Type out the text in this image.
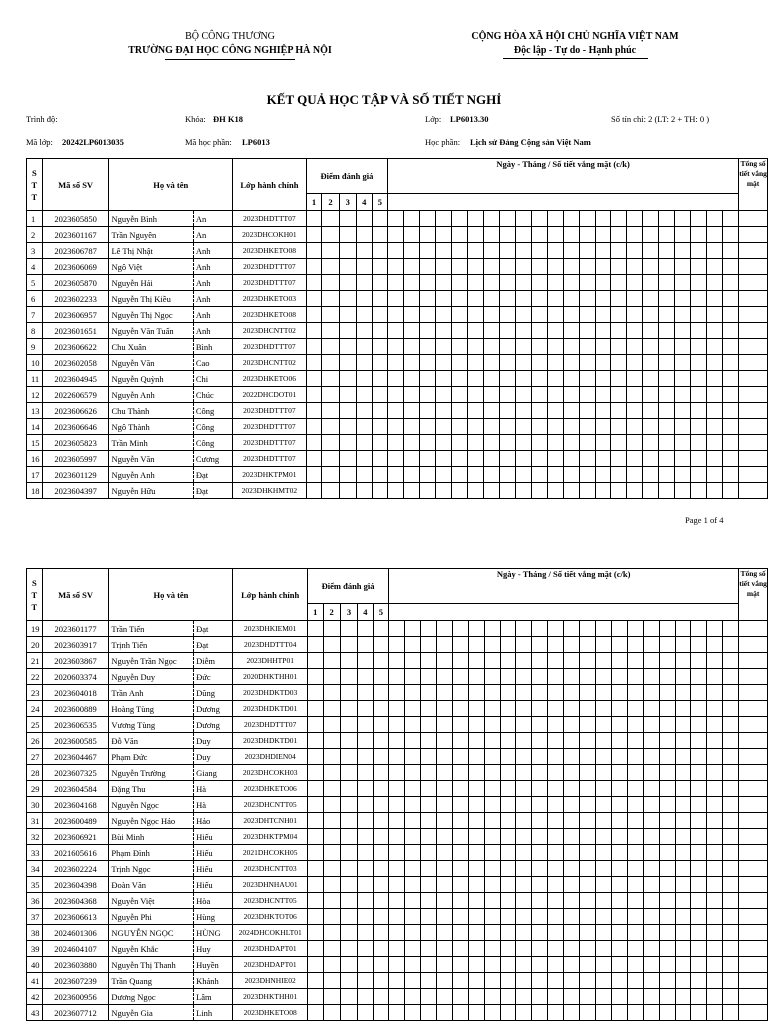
BỘ CÔNG THƯƠNG
TRƯỜNG ĐẠI HỌC CÔNG NGHIỆP HÀ NỘI
CỘNG HÒA XÃ HỘI CHỦ NGHĨA VIỆT NAM
Độc lập - Tự do - Hạnh phúc
KẾT QUẢ HỌC TẬP VÀ SỐ TIẾT NGHỈ
Trình độ:	Khóa: ĐH K18	Lớp: LP6013.30	Số tín chỉ: 2 (LT: 2 + TH: 0 )
Mã lớp: 20242LP6013035	Mã học phần: LP6013	Học phần: Lịch sử Đảng Cộng sản Việt Nam
S T T	Mã số SV	Họ và tên		Lớp hành chính	Điểm đánh giá					Ngày - Tháng / Số tiết vắng mặt (c/k)																						Tổng số tiết vắng mặt
					1	2	3	4	5																							
1	2023605850	Nguyễn Bình	An	2023DHDTTT07																												
2	2023601167	Trần Nguyên	An	2023DHCOKH01																												
3	2023606787	Lê Thị Nhật	Anh	2023DHKETO08																												
4	2023606069	Ngô Việt	Anh	2023DHDTTT07																												
5	2023605870	Nguyễn Hải	Anh	2023DHDTTT07																												
6	2023602233	Nguyễn Thị Kiều	Anh	2023DHKETO03																												
7	2023606957	Nguyễn Thị Ngọc	Anh	2023DHKETO08																												
8	2023601651	Nguyễn Văn Tuấn	Anh	2023DHCNTT02																												
9	2023606622	Chu Xuân	Bình	2023DHDTTT07																												
10	2023602058	Nguyễn Văn	Cao	2023DHCNTT02																												
11	2023604945	Nguyễn Quỳnh	Chi	2023DHKETO06																												
12	2022606579	Nguyễn Anh	Chúc	2022DHCDOT01																												
13	2023606626	Chu Thành	Công	2023DHDTTT07																												
14	2023606646	Ngô Thành	Công	2023DHDTTT07																												
15	2023605823	Trần Minh	Công	2023DHDTTT07																												
16	2023605997	Nguyễn Văn	Cương	2023DHDTTT07																												
17	2023601129	Nguyễn Anh	Đạt	2023DHKTPM01																												
18	2023604397	Nguyễn Hữu	Đạt	2023DHKHMT02																												
Page 1 of 4
S T T	Mã số SV	Họ và tên		Lớp hành chính	Điểm đánh giá					Ngày - Tháng / Số tiết vắng mặt (c/k)																						Tổng số tiết vắng mặt
					1	2	3	4	5																							
19	2023601177	Trần Tiến	Đạt	2023DHKIEM01																												
20	2023603917	Trịnh Tiến	Đạt	2023DHDTTT04																												
21	2023603867	Nguyễn Trần Ngọc	Diễm	2023DHHTP01																												
22	2020603374	Nguyễn Duy	Đức	2020DHKTHH01																												
23	2023604018	Trần Anh	Dũng	2023DHDKTD03																												
24	2023600889	Hoàng Tùng	Dương	2023DHDKTD01																												
25	2023606535	Vương Tùng	Dương	2023DHDTTT07																												
26	2023600585	Đỗ Văn	Duy	2023DHDKTD01																												
27	2023604467	Phạm Đức	Duy	2023DHDIEN04																												
28	2023607325	Nguyễn Trường	Giang	2023DHCOKH03																												
29	2023604584	Đặng Thu	Hà	2023DHKETO06																												
30	2023604168	Nguyễn Ngọc	Hà	2023DHCNTT05																												
31	2023600489	Nguyễn Ngọc Hảo	Hảo	2023DHTCNH01																												
32	2023606921	Bùi Minh	Hiếu	2023DHKTPM04																												
33	2021605616	Phạm Đình	Hiếu	2021DHCOKH05																												
34	2023602224	Trịnh Ngọc	Hiếu	2023DHCNTT03																												
35	2023604398	Đoàn Văn	Hiếu	2023DHNHAU01																												
36	2023604368	Nguyễn Việt	Hòa	2023DHCNTT05																												
37	2023606613	Nguyễn Phi	Hùng	2023DHKTOT06																												
38	2024601306	NGUYỄN NGỌC	HÙNG	2024DHCOKHLT01																												
39	2024604107	Nguyễn Khắc	Huy	2023DHDAPT01																												
40	2023603880	Nguyễn Thị Thanh	Huyền	2023DHDAPT01																												
41	2023607239	Trần Quang	Khánh	2023DHNHIE02																												
42	2023600956	Dương Ngọc	Lâm	2023DHKTHH01																												
43	2023607712	Nguyễn Gia	Linh	2023DHKETO08																												
